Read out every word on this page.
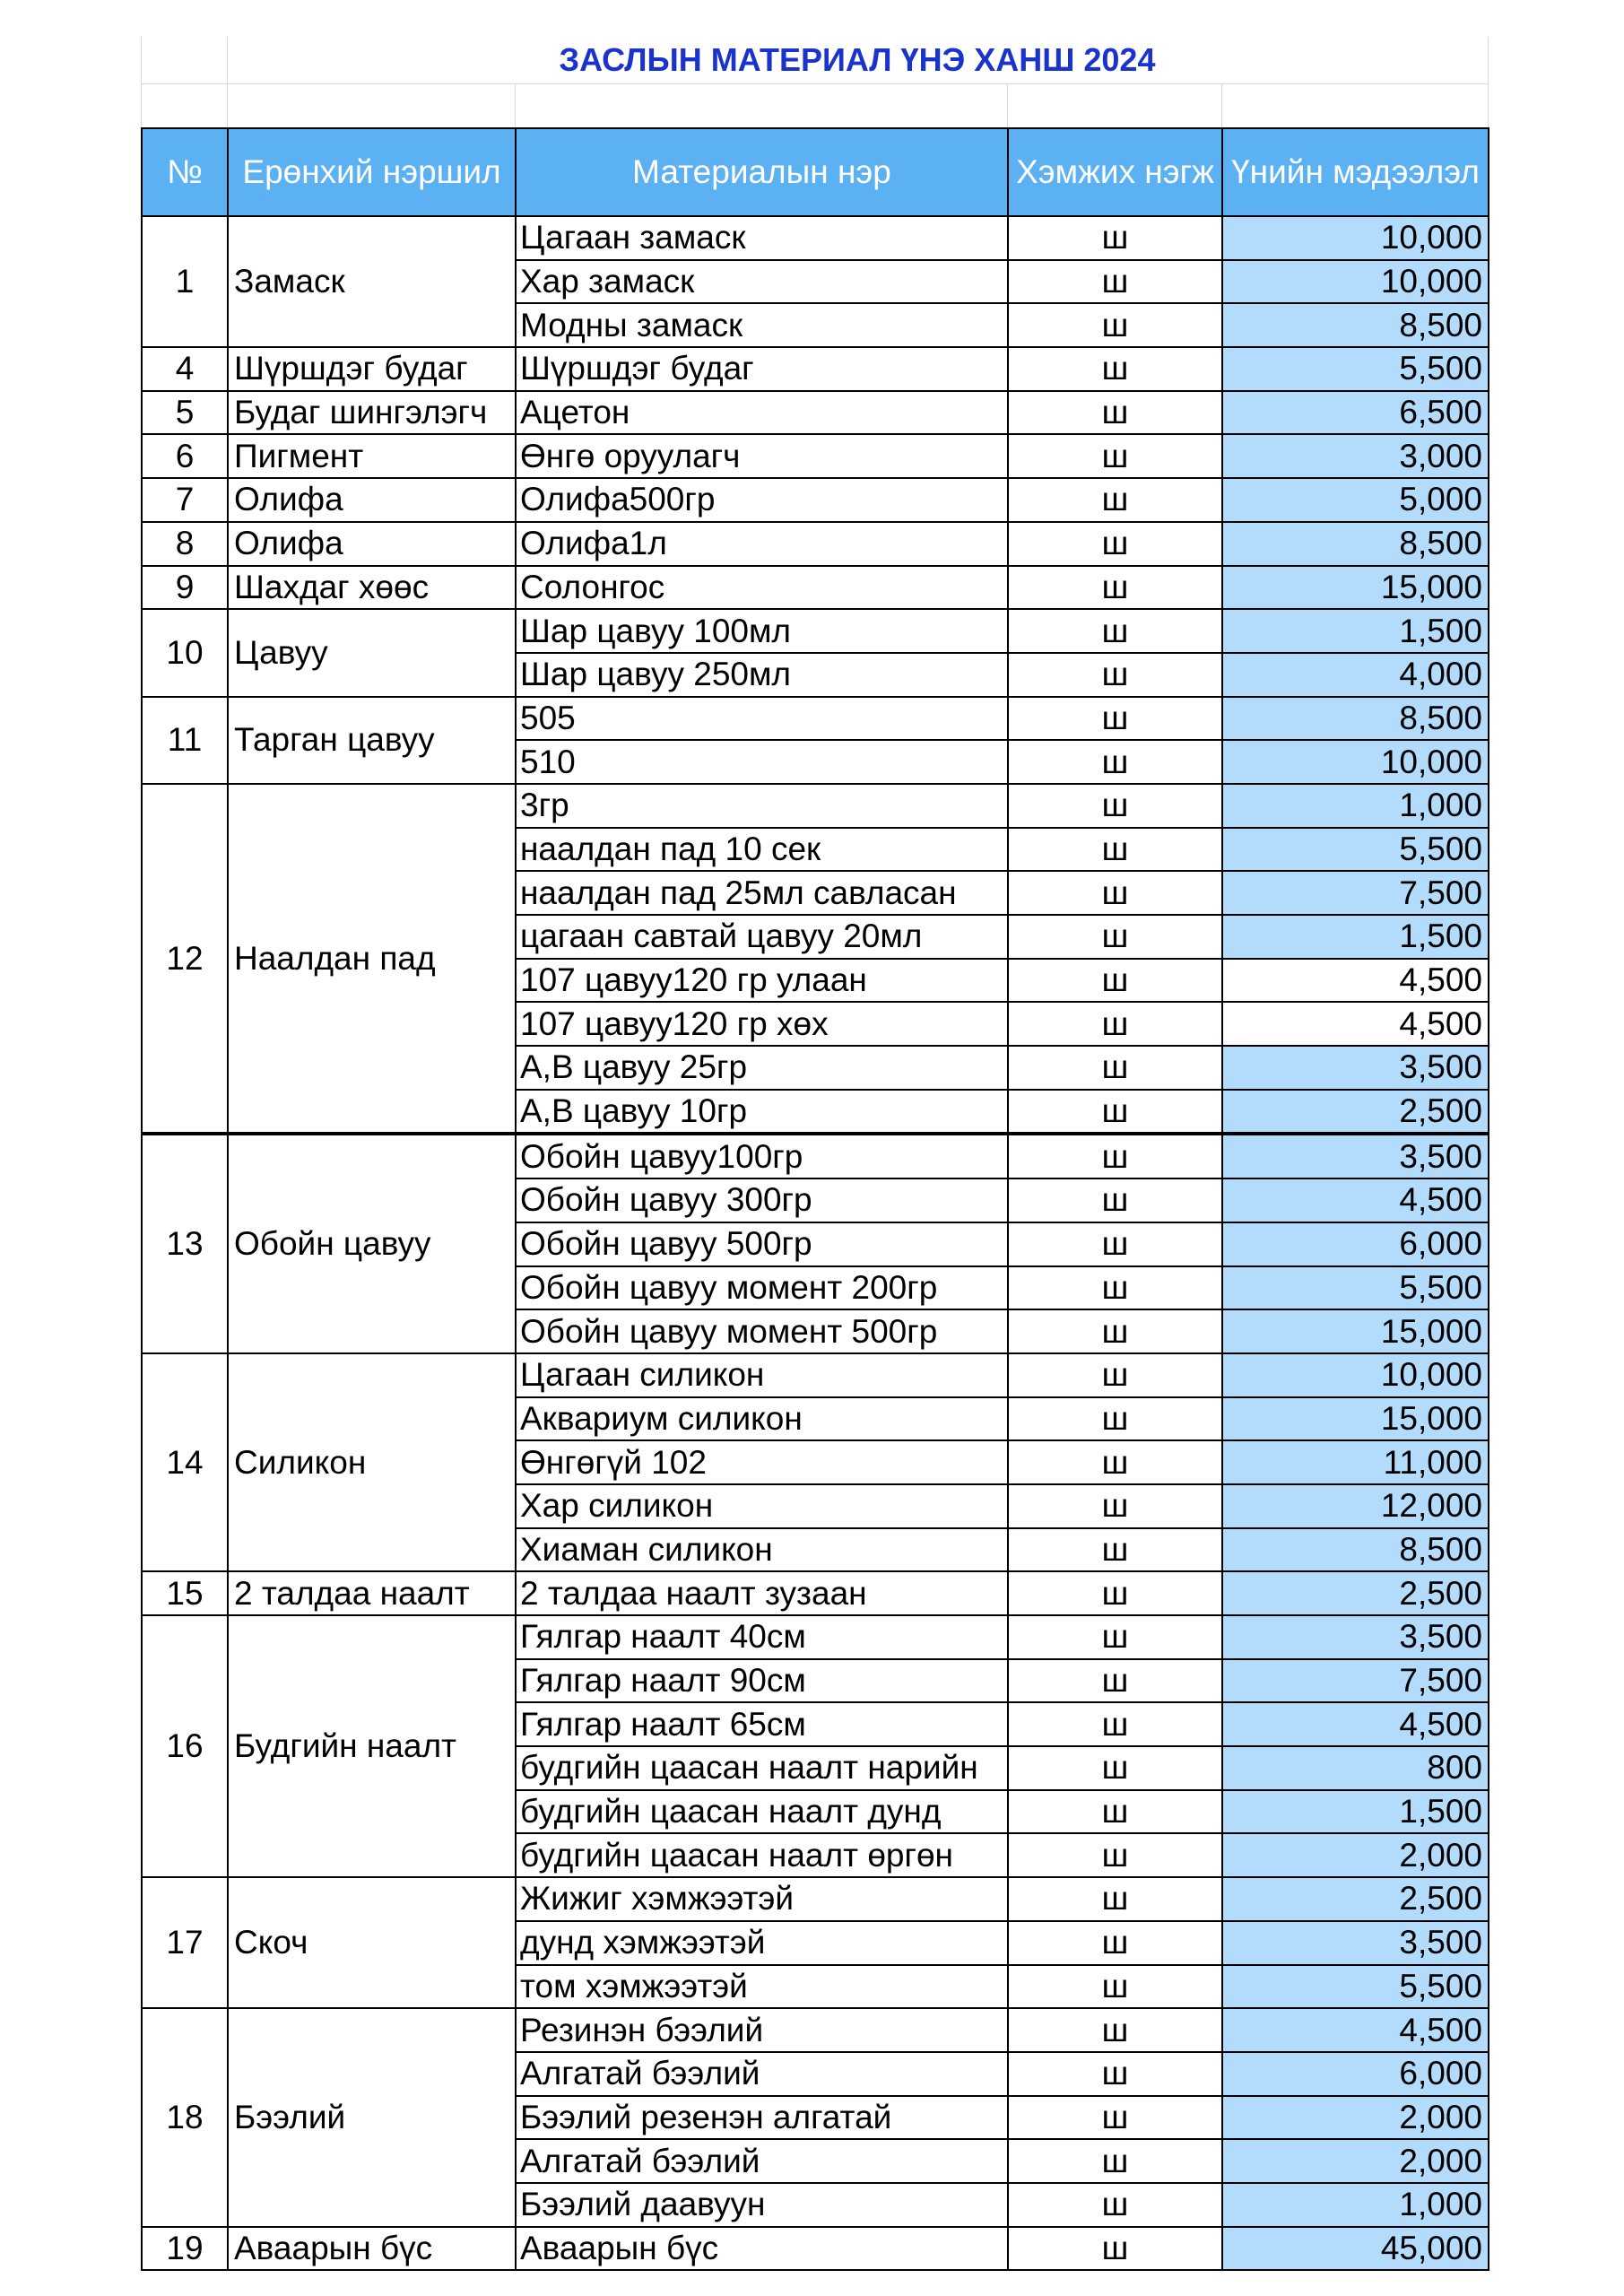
ЗАСЛЫН МАТЕРИАЛ ҮНЭ ХАНШ 2024
№	Ерөнхий нэршил	Материалын нэр	Хэмжих нэгж	Үнийн мэдээлэл
1	Замаск	Цагаан замаск	ш	10,000
		Хар замаск	ш	10,000
		Модны замаск	ш	8,500
4	Шүршдэг будаг	Шүршдэг будаг	ш	5,500
5	Будаг шингэлэгч	Ацетон	ш	6,500
6	Пигмент	Өнгө оруулагч	ш	3,000
7	Олифа	Олифа500гр	ш	5,000
8	Олифа	Олифа1л	ш	8,500
9	Шахдаг хөөс	Солонгос	ш	15,000
10	Цавуу	Шар цавуу 100мл	ш	1,500
		Шар цавуу 250мл	ш	4,000
11	Тарган цавуу	505	ш	8,500
		510	ш	10,000
12	Наалдан пад	3гр	ш	1,000
		наалдан пад 10 сек	ш	5,500
		наалдан пад 25мл савласан	ш	7,500
		цагаан савтай цавуу 20мл	ш	1,500
		107 цавуу120 гр улаан	ш	4,500
		107 цавуу120 гр хөх	ш	4,500
		A,B цавуу 25гр	ш	3,500
		A,B цавуу 10гр	ш	2,500
13	Обойн цавуу	Обойн цавуу100гр	ш	3,500
		Обойн цавуу 300гр	ш	4,500
		Обойн цавуу 500гр	ш	6,000
		Обойн цавуу момент 200гр	ш	5,500
		Обойн цавуу момент 500гр	ш	15,000
14	Силикон	Цагаан силикон	ш	10,000
		Аквариум силикон	ш	15,000
		Өнгөгүй 102	ш	11,000
		Хар силикон	ш	12,000
		Хиаман силикон	ш	8,500
15	2 талдаа наалт	2 талдаа наалт зузаан	ш	2,500
16	Будгийн наалт	Гялгар наалт 40см	ш	3,500
		Гялгар наалт 90см	ш	7,500
		Гялгар наалт 65см	ш	4,500
		будгийн цаасан наалт нарийн	ш	800
		будгийн цаасан наалт дунд	ш	1,500
		будгийн цаасан наалт өргөн	ш	2,000
17	Скоч	Жижиг хэмжээтэй	ш	2,500
		дунд хэмжээтэй	ш	3,500
		том хэмжээтэй	ш	5,500
18	Бээлий	Резинэн бээлий	ш	4,500
		Алгатай бээлий	ш	6,000
		Бээлий резенэн алгатай	ш	2,000
		Алгатай бээлий	ш	2,000
		Бээлий даавуун	ш	1,000
19	Аваарын бүс	Аваарын бүс	ш	45,000
